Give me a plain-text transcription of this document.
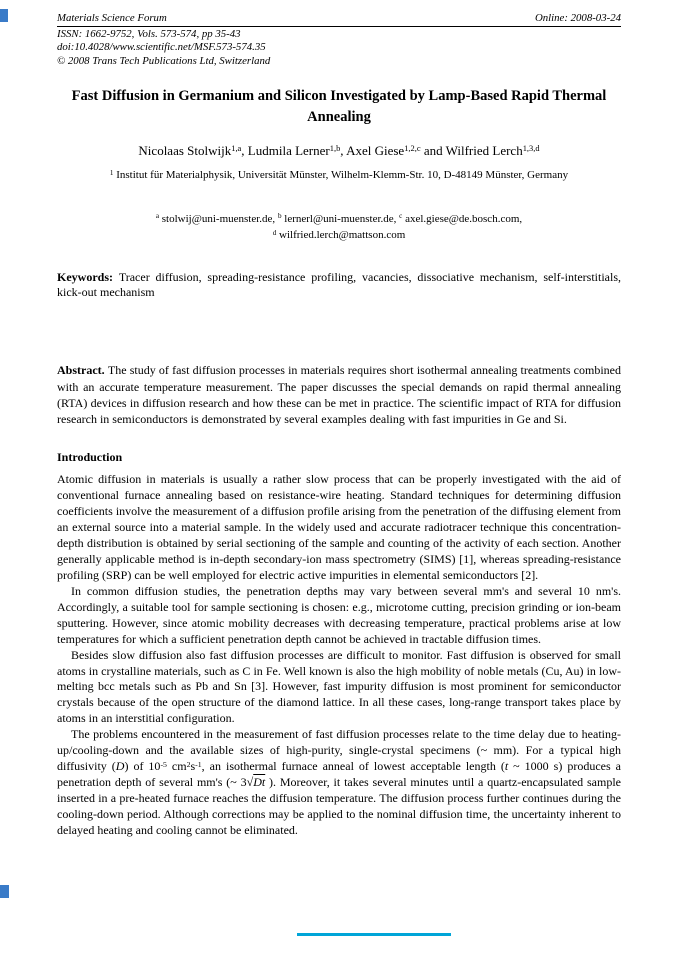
Materials Science Forum	Online: 2008-03-24
ISSN: 1662-9752, Vols. 573-574, pp 35-43
doi:10.4028/www.scientific.net/MSF.573-574.35
© 2008 Trans Tech Publications Ltd, Switzerland
Fast Diffusion in Germanium and Silicon Investigated by Lamp-Based Rapid Thermal Annealing
Nicolaas Stolwijk$^{1,a}$, Ludmila Lerner$^{1,b}$, Axel Giese$^{1,2,c}$ and Wilfried Lerch$^{1,3,d}$
$^1$ Institut für Materialphysik, Universität Münster, Wilhelm-Klemm-Str. 10, D-48149 Münster, Germany
$^a$ stolwij@uni-muenster.de, $^b$ lernerl@uni-muenster.de, $^c$ axel.giese@de.bosch.com,
$^d$ wilfried.lerch@mattson.com

Keywords: Tracer diffusion, spreading-resistance profiling, vacancies, dissociative mechanism, self-interstitials, kick-out mechanism

Abstract. The study of fast diffusion processes in materials requires short isothermal annealing treatments combined with an accurate temperature measurement. The paper discusses the special demands on rapid thermal annealing (RTA) devices in diffusion research and how these can be met in practice. The scientific impact of RTA for diffusion research in semiconductors is demonstrated by several examples dealing with fast impurities in Ge and Si.

Introduction

Atomic diffusion in materials is usually a rather slow process that can be properly investigated with the aid of conventional furnace annealing based on resistance-wire heating. Standard techniques for determining diffusion coefficients involve the measurement of a diffusion profile arising from the penetration of the diffusing element from an external source into a material sample. In the widely used and accurate radiotracer technique this concentration-depth distribution is obtained by serial sectioning of the sample and counting of the activity of each section. Another generally applicable method is in-depth secondary-ion mass spectrometry (SIMS) [1], whereas spreading-resistance profiling (SRP) can be well employed for electric active impurities in elemental semiconductors [2].

In common diffusion studies, the penetration depths may vary between several mm's and several 10 nm's. Accordingly, a suitable tool for sample sectioning is chosen: e.g., microtome cutting, precision grinding or ion-beam sputtering. However, since atomic mobility decreases with decreasing temperature, practical problems arise at low temperatures for which a sufficient penetration depth cannot be achieved in tractable diffusion times.

Besides slow diffusion also fast diffusion processes are difficult to monitor. Fast diffusion is observed for small atoms in crystalline materials, such as C in Fe. Well known is also the high mobility of noble metals (Cu, Au) in low-melting bcc metals such as Pb and Sn [3]. However, fast impurity diffusion is most prominent for semiconductor crystals because of the open structure of the diamond lattice. In all these cases, long-range transport takes place by atoms in an interstitial configuration.

The problems encountered in the measurement of fast diffusion processes relate to the time delay due to heating-up/cooling-down and the available sizes of high-purity, single-crystal specimens (~ mm). For a typical high diffusivity (D) of $10^{-5}$ $cm^2s^{-1}$, an isothermal furnace anneal of lowest acceptable length (t ~ 1000 s) produces a penetration depth of several mm's (~ 3√Dt ). Moreover, it takes several minutes until a quartz-encapsulated sample inserted in a pre-heated furnace reaches the diffusion temperature. The diffusion process further continues during the cooling-down period. Although corrections may be applied to the nominal diffusion time, the uncertainty inherent to delayed heating and cooling cannot be eliminated.
